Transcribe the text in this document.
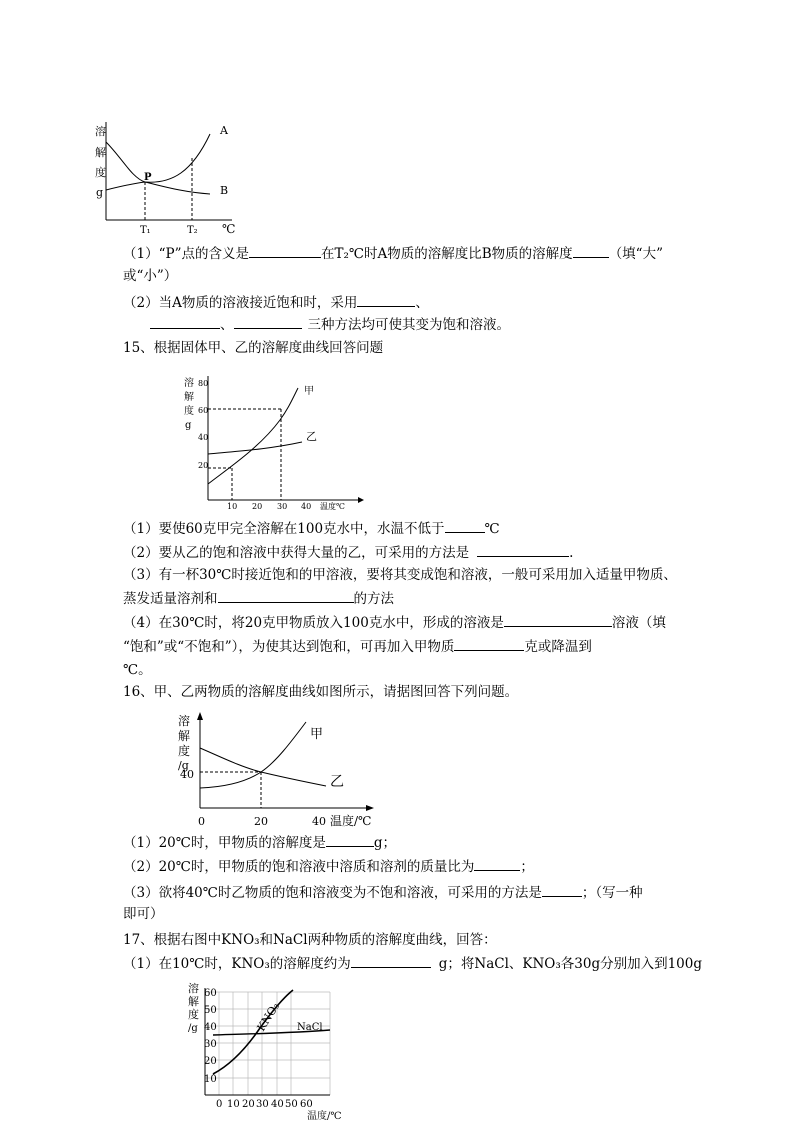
溶
解
度
g
P
A
B
T₁	T₂ ℃
（1）“P”点的含义是	在T₂℃时A物质的溶解度比B物质的溶解度	（填“大”
或“小”）
（2）当A物质的溶液接近饱和时，采用	、
、	三种方法均可使其变为饱和溶液。
15、根据固体甲、乙的溶解度曲线回答问题
溶
解
度
g
80
60
40
20
10 20 30 40 温度℃
甲
乙
（1）要使60克甲完全溶解在100克水中，水温不低于	℃
（2）要从乙的饱和溶液中获得大量的乙，可采用的方法是	.
（3）有一杯30℃时接近饱和的甲溶液，要将其变成饱和溶液，一般可采用加入适量甲物质、
蒸发适量溶剂和	的方法
（4）在30℃时，将20克甲物质放入100克水中，形成的溶液是	溶液（填
“饱和”或“不饱和”），为使其达到饱和，可再加入甲物质	克或降温到
℃。
16、甲、乙两物质的溶解度曲线如图所示，请据图回答下列问题。
溶
解
度
/g
40
0	20	40 温度/℃
甲
乙
（1）20℃时，甲物质的溶解度是	g；
（2）20℃时，甲物质的饱和溶液中溶质和溶剂的质量比为	；
（3）欲将40℃时乙物质的饱和溶液变为不饱和溶液，可采用的方法是	；（写一种
即可）
17、根据右图中KNO₃和NaCl两种物质的溶解度曲线，回答：
（1）在10℃时，KNO₃的溶解度约为	g；将NaCl、KNO₃各30g分别加入到100g
溶
解
度
/g
60
50
40
30
20
10
KNO₃ NaCl
0 10 20 30 40 50 60
温度/℃
